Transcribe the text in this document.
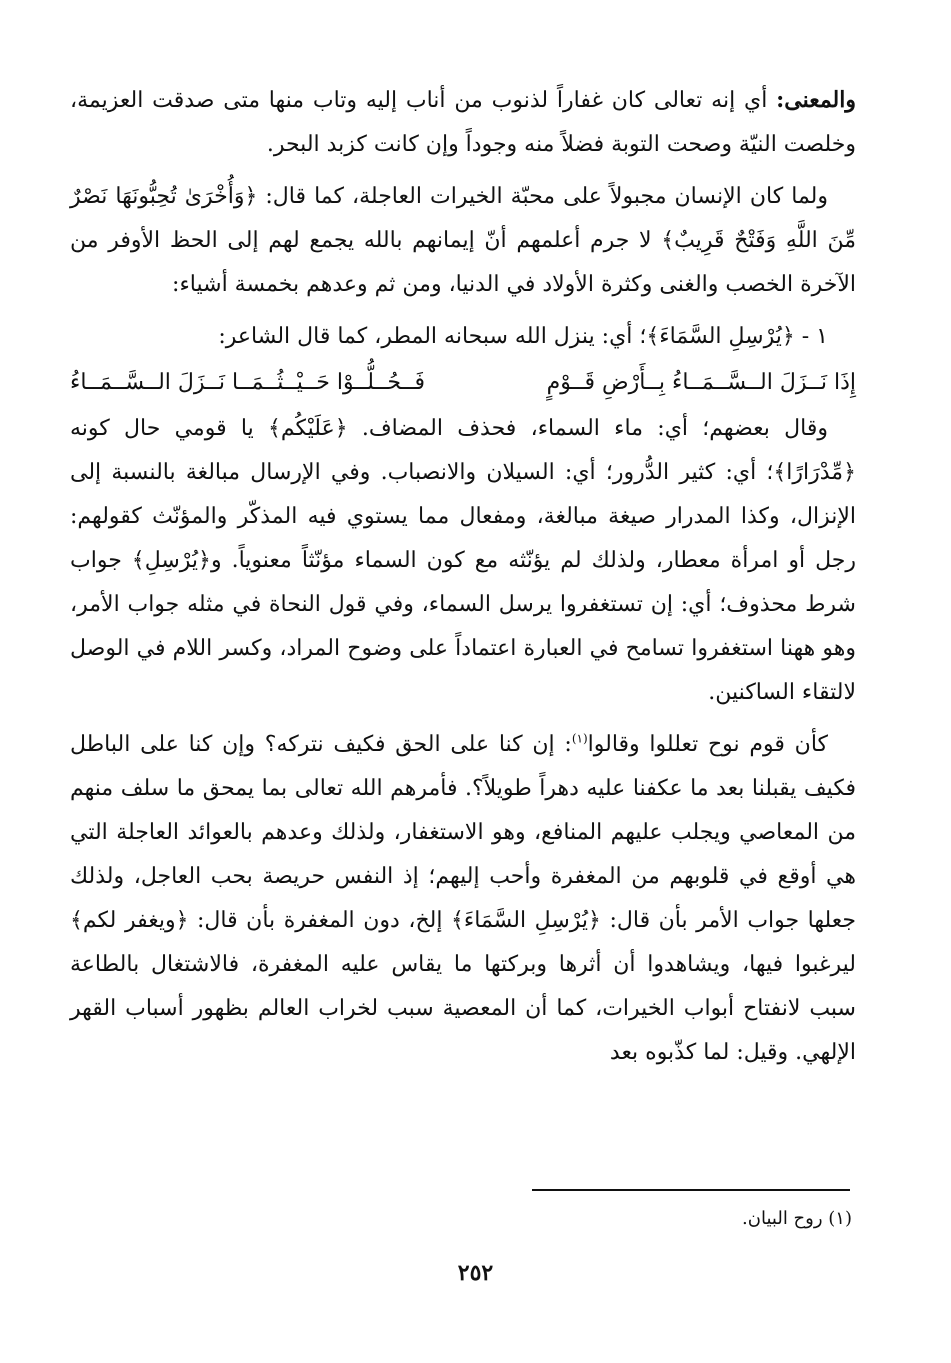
والمعنى: أي إنه تعالى كان غفاراً لذنوب من أناب إليه وتاب منها متى صدقت العزيمة، وخلصت النيّة وصحت التوبة فضلاً منه وجوداً وإن كانت كزبد البحر.

ولما كان الإنسان مجبولاً على محبّة الخيرات العاجلة، كما قال: ﴿وَأُخْرَىٰ تُحِبُّونَهَا نَصْرٌ مِّنَ اللَّهِ وَفَتْحٌ قَرِيبٌ﴾ لا جرم أعلمهم أنّ إيمانهم بالله يجمع لهم إلى الحظ الأوفر من الآخرة الخصب والغنى وكثرة الأولاد في الدنيا، ومن ثم وعدهم بخمسة أشياء:

١ - ﴿يُرْسِلِ السَّمَاءَ﴾؛ أي: ينزل الله سبحانه المطر، كما قال الشاعر:

إِذَا نَــزَلَ الــسَّــمَــاءُ بِــأَرْضِ قَــوْمٍ
فَــحُــلُّــوْا حَــيْــثُــمَــا نَــزَلَ الــسَّــمَــاءُ

وقال بعضهم؛ أي: ماء السماء، فحذف المضاف. ﴿عَلَيْكُم﴾ يا قومي حال كونه ﴿مِّدْرَارًا﴾؛ أي: كثير الدُّرور؛ أي: السيلان والانصباب. وفي الإرسال مبالغة بالنسبة إلى الإنزال، وكذا المدرار صيغة مبالغة، ومفعال مما يستوي فيه المذكّر والمؤنّث كقولهم: رجل أو امرأة معطار، ولذلك لم يؤنّثه مع كون السماء مؤنّثاً معنوياً. و﴿يُرْسِلِ﴾ جواب شرط محذوف؛ أي: إن تستغفروا يرسل السماء، وفي قول النحاة في مثله جواب الأمر، وهو ههنا استغفروا تسامح في العبارة اعتماداً على وضوح المراد، وكسر اللام في الوصل لالتقاء الساكنين.

كأن قوم نوح تعللوا وقالوا$^{(١)}$: إن كنا على الحق فكيف نتركه؟ وإن كنا على الباطل فكيف يقبلنا بعد ما عكفنا عليه دهراً طويلاً؟. فأمرهم الله تعالى بما يمحق ما سلف منهم من المعاصي ويجلب عليهم المنافع، وهو الاستغفار، ولذلك وعدهم بالعوائد العاجلة التي هي أوقع في قلوبهم من المغفرة وأحب إليهم؛ إذ النفس حريصة بحب العاجل، ولذلك جعلها جواب الأمر بأن قال: ﴿يُرْسِلِ السَّمَاءَ﴾ إلخ، دون المغفرة بأن قال: ﴿ويغفر لكم﴾ ليرغبوا فيها، ويشاهدوا أن أثرها وبركتها ما يقاس عليه المغفرة، فالاشتغال بالطاعة سبب لانفتاح أبواب الخيرات، كما أن المعصية سبب لخراب العالم بظهور أسباب القهر الإلهي. وقيل: لما كذّبوه بعد

(١) روح البيان.
٢٥٢
